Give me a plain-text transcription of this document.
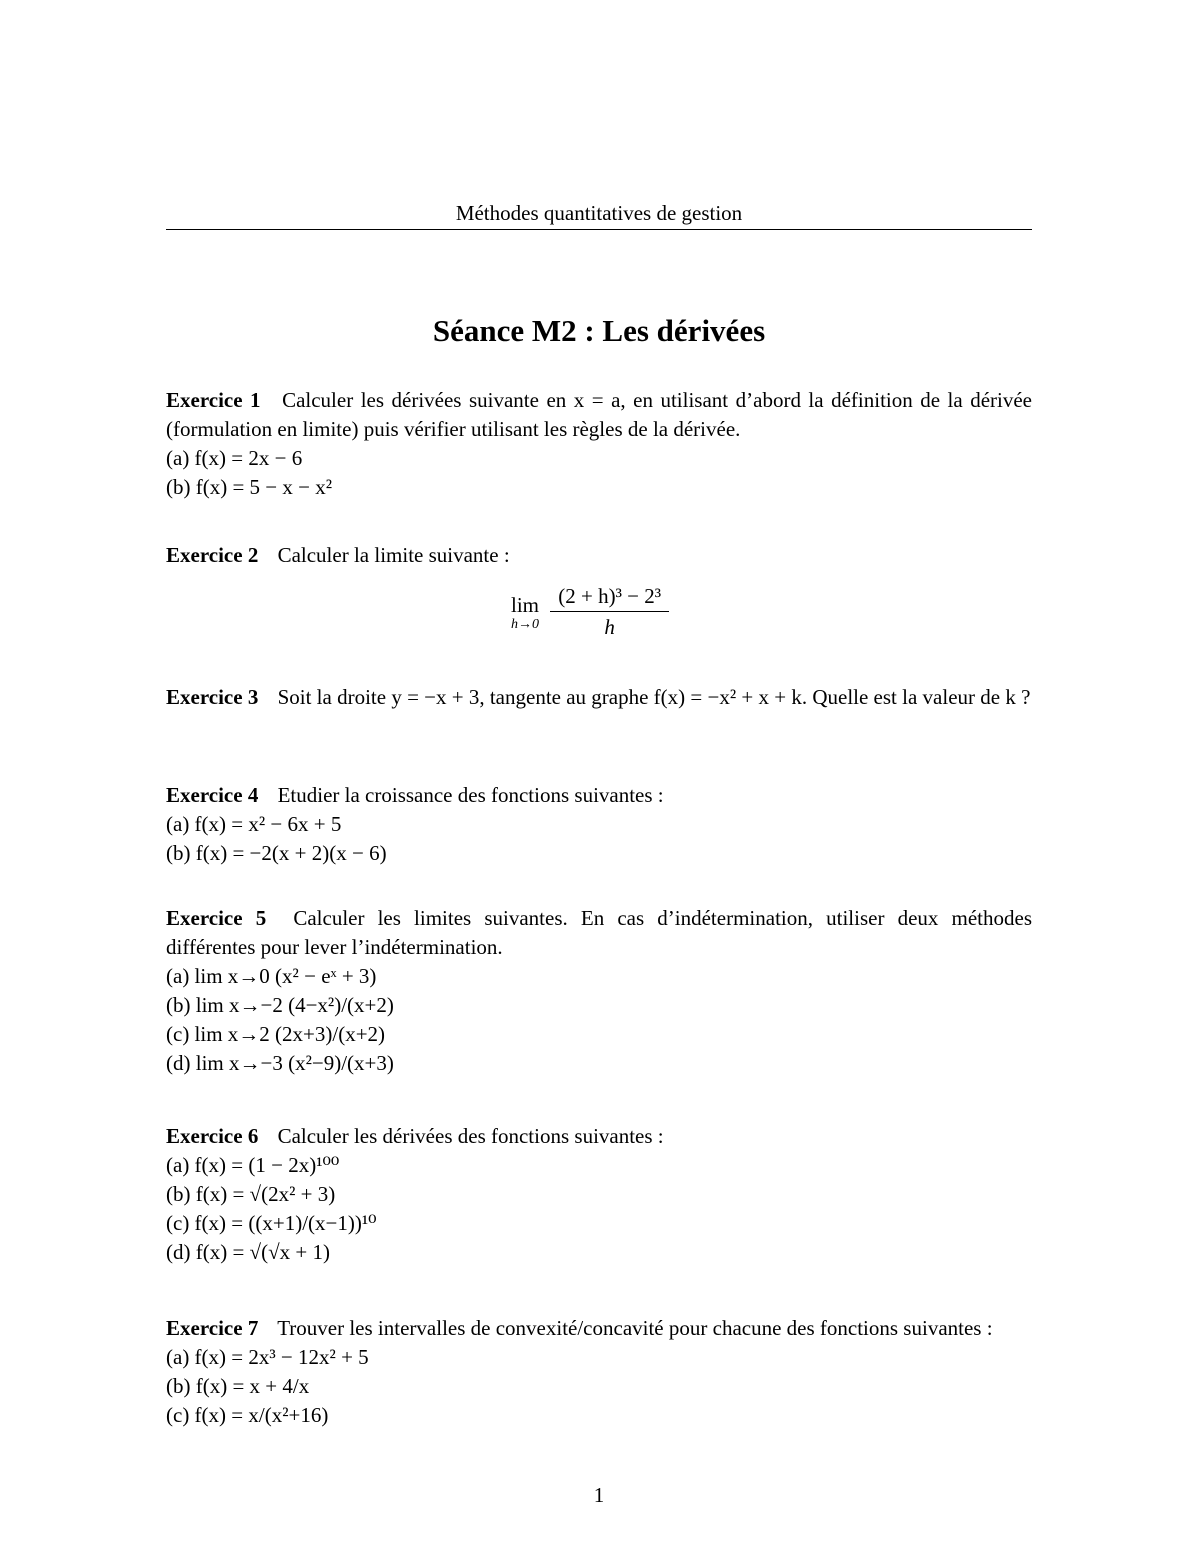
Méthodes quantitatives de gestion
Séance M2 : Les dérivées

Exercice 1 Calculer les dérivées suivante en x = a, en utilisant d’abord la définition de la dérivée (formulation en limite) puis vérifier utilisant les règles de la dérivée.

(a) f(x) = 2x − 6
(b) f(x) = 5 − x − x²

Exercice 2 Calculer la limite suivante :

lim
h→0
$\frac{\text{(2 + h)³ − 2³}}{h}$

Exercice 3 Soit la droite y = −x + 3, tangente au graphe f(x) = −x² + x + k. Quelle est la valeur de k ?

Exercice 4 Etudier la croissance des fonctions suivantes :

(a) f(x) = x² − 6x + 5
(b) f(x) = −2(x + 2)(x − 6)

Exercice 5 Calculer les limites suivantes. En cas d’indétermination, utiliser deux méthodes différentes pour lever l’indétermination.

(a) lim x→0 (x² − eˣ + 3)
(b) lim x→−2 (4−x²)/(x+2)
(c) lim x→2 (2x+3)/(x+2)
(d) lim x→−3 (x²−9)/(x+3)

Exercice 6 Calculer les dérivées des fonctions suivantes :

(a) f(x) = (1 − 2x)¹⁰⁰
(b) f(x) = √(2x² + 3)
(c) f(x) = ((x+1)/(x−1))¹⁰
(d) f(x) = √(√x + 1)

Exercice 7 Trouver les intervalles de convexité/concavité pour chacune des fonctions suivantes :

(a) f(x) = 2x³ − 12x² + 5
(b) f(x) = x + 4/x
(c) f(x) = x/(x²+16)
1
